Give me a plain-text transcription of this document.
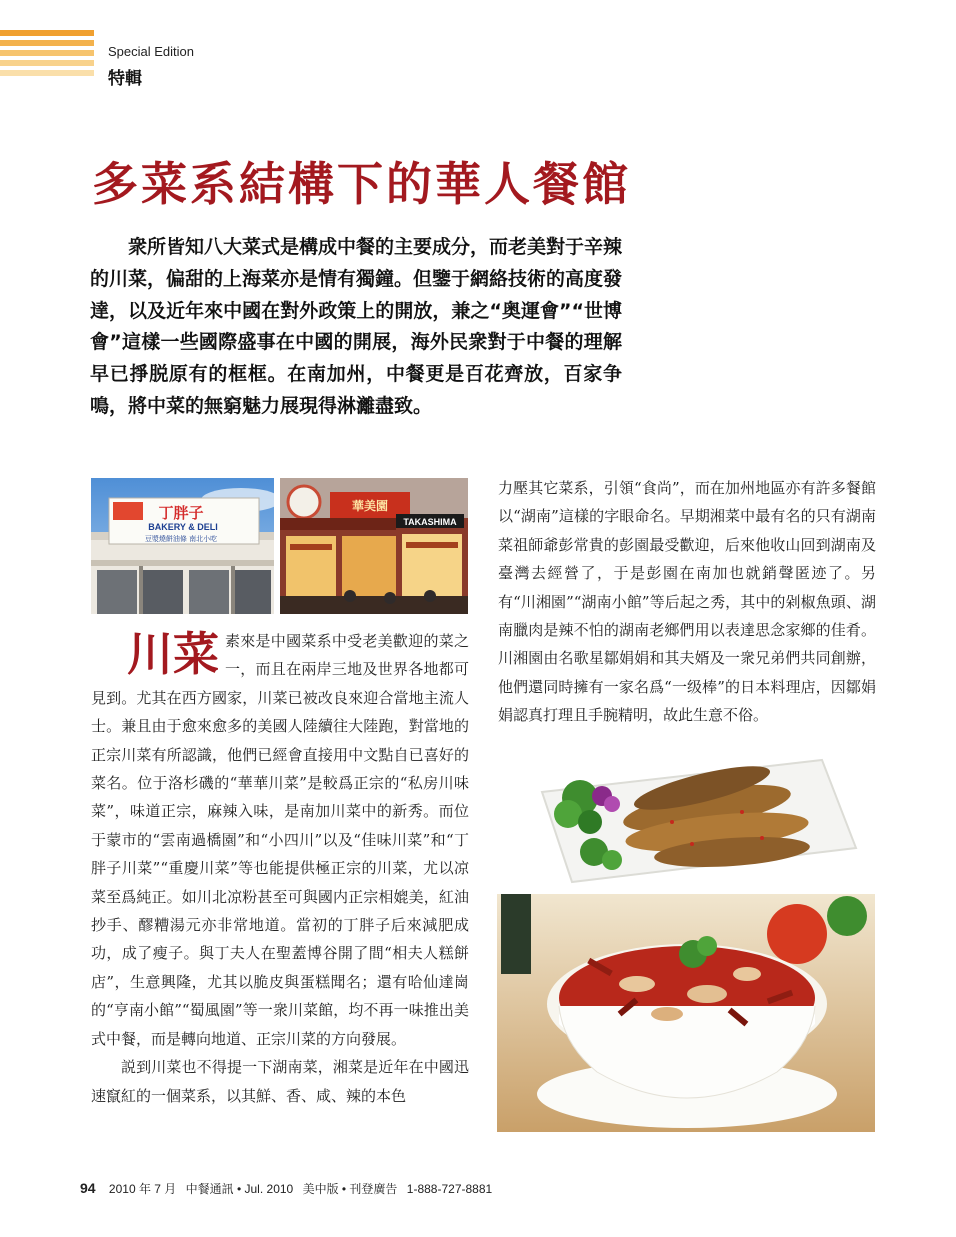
Special Edition
特輯
多菜系結構下的華人餐館

衆所皆知八大菜式是構成中餐的主要成分，而老美對于辛辣的川菜，偏甜的上海菜亦是情有獨鐘。但鑒于網絡技術的高度發達，以及近年來中國在對外政策上的開放，兼之“奥運會”“世博會”這樣一些國際盛事在中國的開展，海外民衆對于中餐的理解早已掙脱原有的框框。在南加州，中餐更是百花齊放，百家争鳴，將中菜的無窮魅力展現得淋灕盡致。

丁胖子
BAKERY & DELI
豆漿燒餅油條 南北小吃
華美園
TAKASHIMA

川菜 素來是中國菜系中受老美歡迎的菜之一，而且在兩岸三地及世界各地都可見到。尤其在西方國家，川菜已被改良來迎合當地主流人士。兼且由于愈來愈多的美國人陸續往大陸跑，對當地的正宗川菜有所認識，他們已經會直接用中文點自已喜好的菜名。位于洛杉磯的“華華川菜”是較爲正宗的“私房川味菜”，味道正宗，麻辣入味，是南加川菜中的新秀。而位于蒙市的“雲南過橋園”和“小四川”以及“佳味川菜”和“丁胖子川菜”“重慶川菜”等也能提供極正宗的川菜，尤以凉菜至爲純正。如川北凉粉甚至可與國内正宗相媲美，紅油抄手、醪糟湯元亦非常地道。當初的丁胖子后來減肥成功，成了瘦子。與丁夫人在聖蓋博谷開了間“相夫人糕餅店”，生意興隆，尤其以脆皮與蛋糕聞名；還有哈仙達崗的“亨南小館”“蜀風園”等一衆川菜館，均不再一味推出美式中餐，而是轉向地道、正宗川菜的方向發展。

説到川菜也不得提一下湖南菜，湘菜是近年在中國迅速竄紅的一個菜系，以其鮮、香、咸、辣的本色

力壓其它菜系，引領“食尚”，而在加州地區亦有許多餐館以“湖南”這樣的字眼命名。早期湘菜中最有名的只有湖南菜祖師爺彭常貴的彭園最受歡迎，后來他收山回到湖南及臺灣去經營了，于是彭園在南加也就銷聲匿迹了。另有“川湘園”“湖南小館”等后起之秀，其中的剁椒魚頭、湖南臘肉是辣不怕的湖南老鄉們用以表達思念家鄉的佳肴。川湘園由名歌星鄒娟娟和其夫婿及一衆兄弟們共同創辦，他們還同時擁有一家名爲“一级棒”的日本料理店，因鄒娟娟認真打理且手腕精明，故此生意不俗。

94 2010 年 7 月 中餐通訊 • Jul. 2010 美中版 • 刊登廣告 1-888-727-8881
